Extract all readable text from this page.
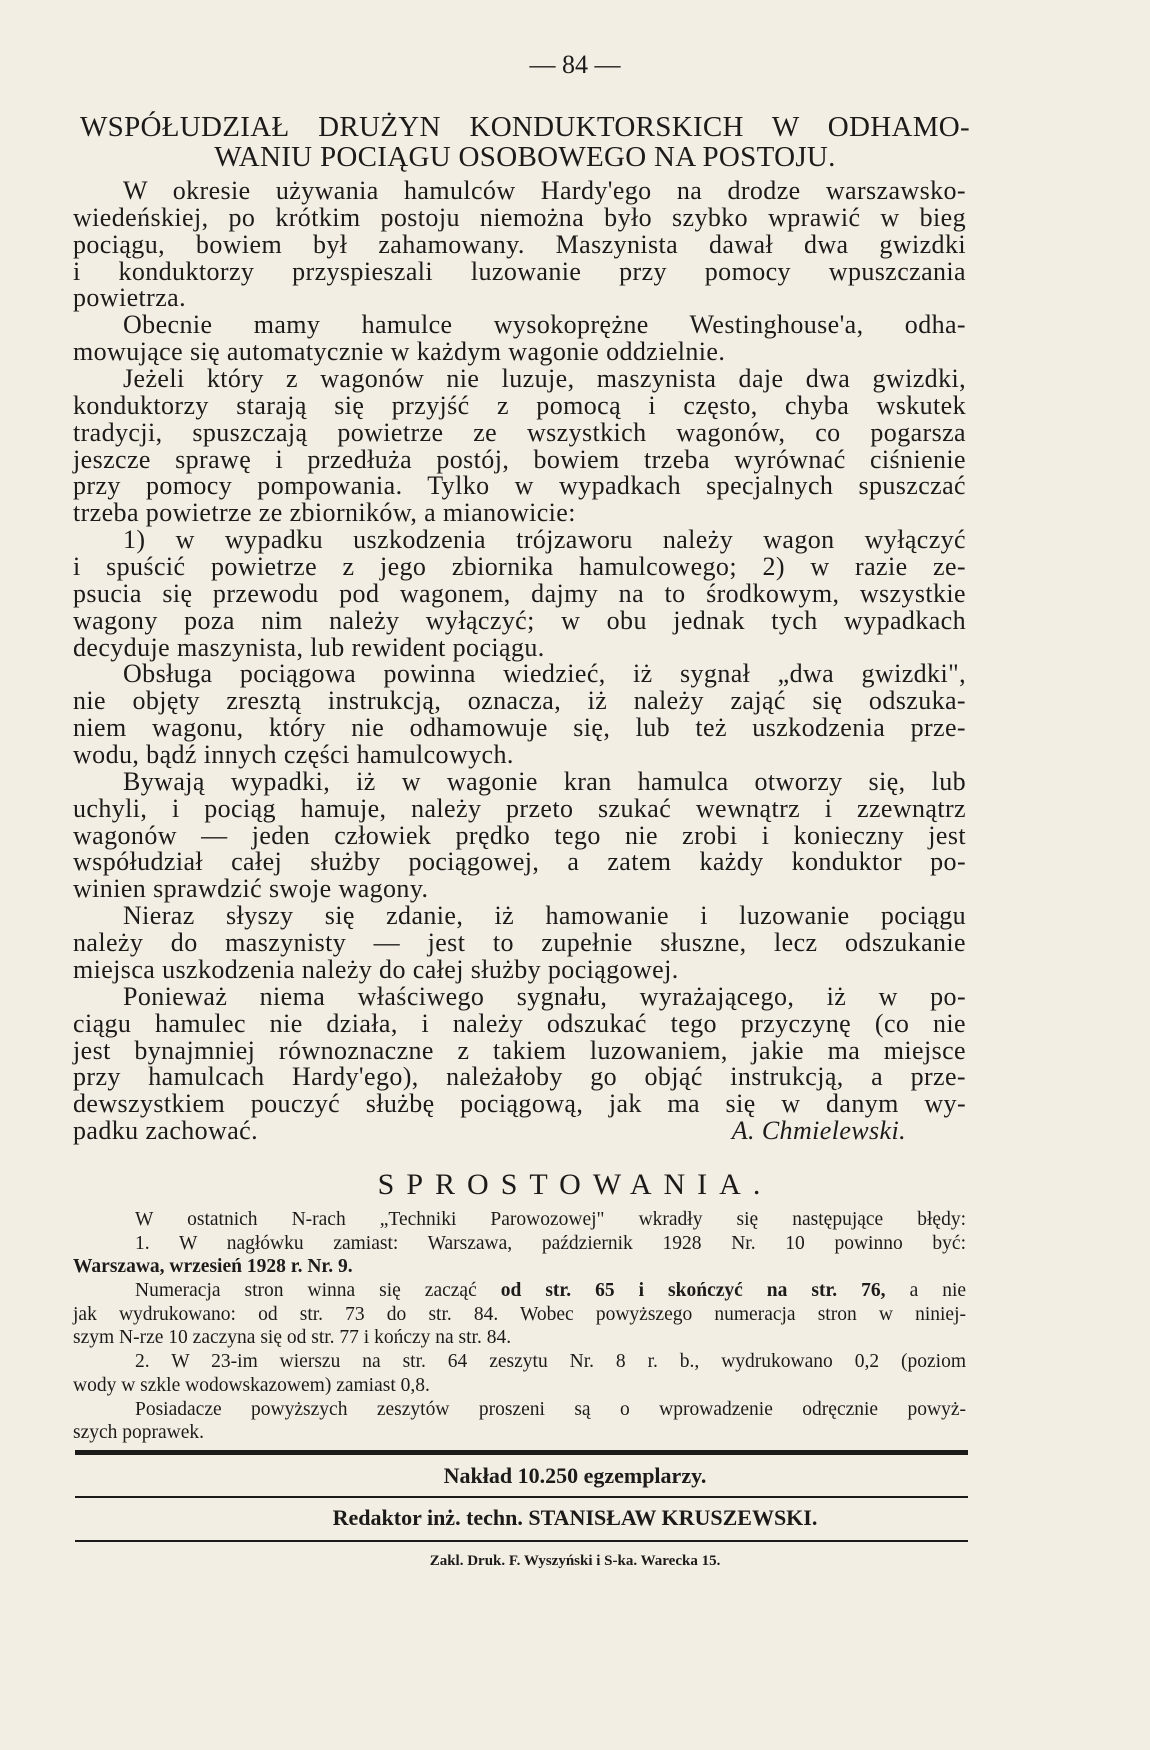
— 84 —
WSPÓŁUDZIAŁ DRUŻYN KONDUKTORSKICH W ODHAMO-
WANIU POCIĄGU OSOBOWEGO NA POSTOJU.
W okresie używania hamulców Hardy'ego na drodze warszawsko-
wiedeńskiej, po krótkim postoju niemożna było szybko wprawić w bieg
pociągu, bowiem był zahamowany. Maszynista dawał dwa gwizdki
i konduktorzy przyspieszali luzowanie przy pomocy wpuszczania
powietrza.
Obecnie mamy hamulce wysokoprężne Westinghouse'a, odha-
mowujące się automatycznie w każdym wagonie oddzielnie.
Jeżeli który z wagonów nie luzuje, maszynista daje dwa gwizdki,
konduktorzy starają się przyjść z pomocą i często, chyba wskutek
tradycji, spuszczają powietrze ze wszystkich wagonów, co pogarsza
jeszcze sprawę i przedłuża postój, bowiem trzeba wyrównać ciśnienie
przy pomocy pompowania. Tylko w wypadkach specjalnych spuszczać
trzeba powietrze ze zbiorników, a mianowicie:
1) w wypadku uszkodzenia trójzaworu należy wagon wyłączyć
i spuścić powietrze z jego zbiornika hamulcowego; 2) w razie ze-
psucia się przewodu pod wagonem, dajmy na to środkowym, wszystkie
wagony poza nim należy wyłączyć; w obu jednak tych wypadkach
decyduje maszynista, lub rewident pociągu.
Obsługa pociągowa powinna wiedzieć, iż sygnał „dwa gwizdki",
nie objęty zresztą instrukcją, oznacza, iż należy zająć się odszuka-
niem wagonu, który nie odhamowuje się, lub też uszkodzenia prze-
wodu, bądź innych części hamulcowych.
Bywają wypadki, iż w wagonie kran hamulca otworzy się, lub
uchyli, i pociąg hamuje, należy przeto szukać wewnątrz i zzewnątrz
wagonów — jeden człowiek prędko tego nie zrobi i konieczny jest
współudział całej służby pociągowej, a zatem każdy konduktor po-
winien sprawdzić swoje wagony.
Nieraz słyszy się zdanie, iż hamowanie i luzowanie pociągu
należy do maszynisty — jest to zupełnie słuszne, lecz odszukanie
miejsca uszkodzenia należy do całej służby pociągowej.
Ponieważ niema właściwego sygnału, wyrażającego, iż w po-
ciągu hamulec nie działa, i należy odszukać tego przyczynę (co nie
jest bynajmniej równoznaczne z takiem luzowaniem, jakie ma miejsce
przy hamulcach Hardy'ego), należałoby go objąć instrukcją, a prze-
dewszystkiem pouczyć służbę pociągową, jak ma się w danym wy-
padku zachować.	A. Chmielewski.
SPROSTOWANIA.
W ostatnich N-rach „Techniki Parowozowej" wkradły się następujące błędy:
1. W nagłówku zamiast: Warszawa, październik 1928 Nr. 10 powinno być:
Warszawa, wrzesień 1928 r. Nr. 9.
Numeracja stron winna się zacząć od str. 65 i skończyć na str. 76, a nie
jak wydrukowano: od str. 73 do str. 84. Wobec powyższego numeracja stron w niniej-
szym N-rze 10 zaczyna się od str. 77 i kończy na str. 84.
2. W 23-im wierszu na str. 64 zeszytu Nr. 8 r. b., wydrukowano 0,2 (poziom
wody w szkle wodowskazowem) zamiast 0,8.
Posiadacze powyższych zeszytów proszeni są o wprowadzenie odręcznie powyż-
szych poprawek.
Nakład 10.250 egzemplarzy.
Redaktor inż. techn. STANISŁAW KRUSZEWSKI.
Zakl. Druk. F. Wyszyński i S-ka. Warecka 15.
